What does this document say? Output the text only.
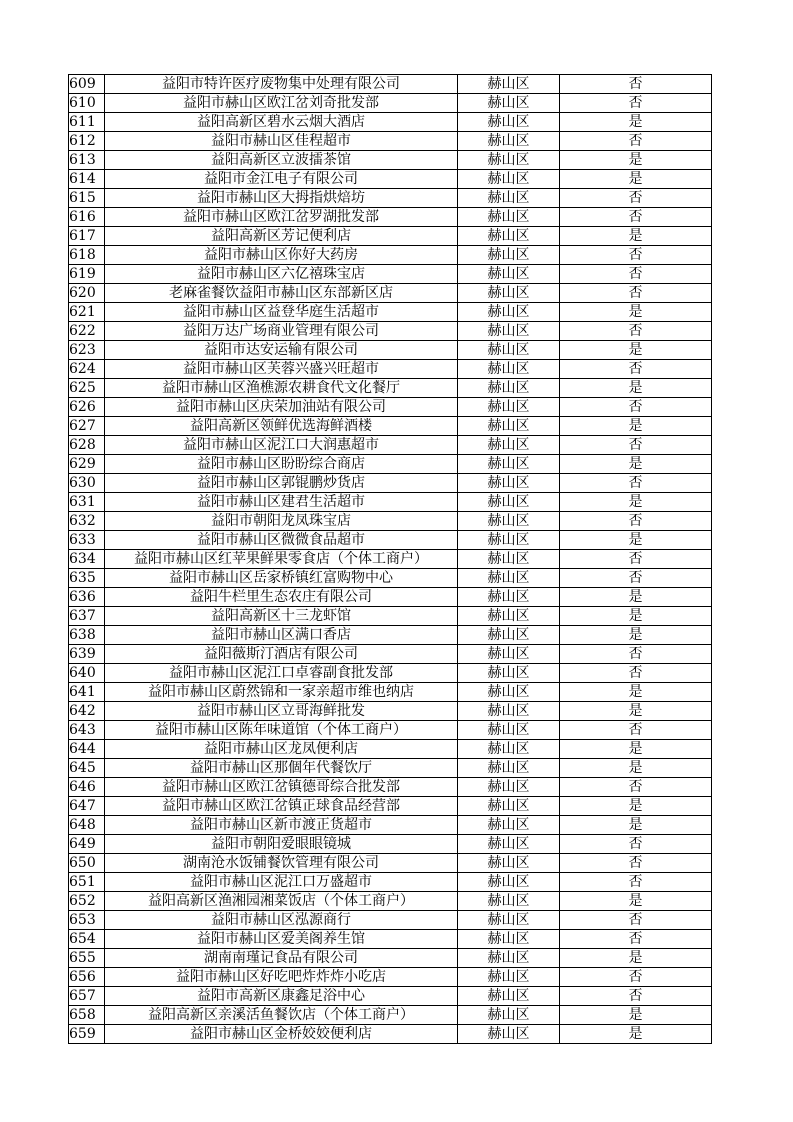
609	益阳市特许医疗废物集中处理有限公司	赫山区	否
610	益阳市赫山区欧江岔刘奇批发部	赫山区	否
611	益阳高新区碧水云烟大酒店	赫山区	是
612	益阳市赫山区佳程超市	赫山区	否
613	益阳高新区立波擂茶馆	赫山区	是
614	益阳市金江电子有限公司	赫山区	是
615	益阳市赫山区大拇指烘焙坊	赫山区	否
616	益阳市赫山区欧江岔罗湖批发部	赫山区	否
617	益阳高新区芳记便利店	赫山区	是
618	益阳市赫山区你好大药房	赫山区	否
619	益阳市赫山区六亿禧珠宝店	赫山区	否
620	老麻雀餐饮益阳市赫山区东部新区店	赫山区	否
621	益阳市赫山区益登华庭生活超市	赫山区	是
622	益阳万达广场商业管理有限公司	赫山区	否
623	益阳市达安运输有限公司	赫山区	是
624	益阳市赫山区芙蓉兴盛兴旺超市	赫山区	否
625	益阳市赫山区渔樵源农耕食代文化餐厅	赫山区	是
626	益阳市赫山区庆荣加油站有限公司	赫山区	否
627	益阳高新区领鲜优选海鲜酒楼	赫山区	是
628	益阳市赫山区泥江口大润惠超市	赫山区	否
629	益阳市赫山区盼盼综合商店	赫山区	是
630	益阳市赫山区郭锟鹏炒货店	赫山区	否
631	益阳市赫山区建君生活超市	赫山区	是
632	益阳市朝阳龙凤珠宝店	赫山区	否
633	益阳市赫山区微微食品超市	赫山区	是
634	益阳市赫山区红苹果鲜果零食店（个体工商户）	赫山区	否
635	益阳市赫山区岳家桥镇红富购物中心	赫山区	否
636	益阳牛栏里生态农庄有限公司	赫山区	是
637	益阳高新区十三龙虾馆	赫山区	是
638	益阳市赫山区满口香店	赫山区	是
639	益阳薇斯汀酒店有限公司	赫山区	否
640	益阳市赫山区泥江口卓睿副食批发部	赫山区	否
641	益阳市赫山区蔚然锦和一家亲超市维也纳店	赫山区	是
642	益阳市赫山区立哥海鲜批发	赫山区	是
643	益阳市赫山区陈年味道馆（个体工商户）	赫山区	否
644	益阳市赫山区龙凤便利店	赫山区	是
645	益阳市赫山区那個年代餐饮厅	赫山区	是
646	益阳市赫山区欧江岔镇德哥综合批发部	赫山区	否
647	益阳市赫山区欧江岔镇正球食品经营部	赫山区	是
648	益阳市赫山区新市渡正货超市	赫山区	是
649	益阳市朝阳爱眼眼镜城	赫山区	否
650	湖南沧水饭铺餐饮管理有限公司	赫山区	否
651	益阳市赫山区泥江口万盛超市	赫山区	否
652	益阳高新区渔湘园湘菜饭店（个体工商户）	赫山区	是
653	益阳市赫山区泓源商行	赫山区	否
654	益阳市赫山区爱美阁养生馆	赫山区	否
655	湖南南瑾记食品有限公司	赫山区	是
656	益阳市赫山区好吃吧炸炸炸小吃店	赫山区	否
657	益阳市高新区康鑫足浴中心	赫山区	否
658	益阳高新区亲溪活鱼餐饮店（个体工商户）	赫山区	是
659	益阳市赫山区金桥姣姣便利店	赫山区	是
